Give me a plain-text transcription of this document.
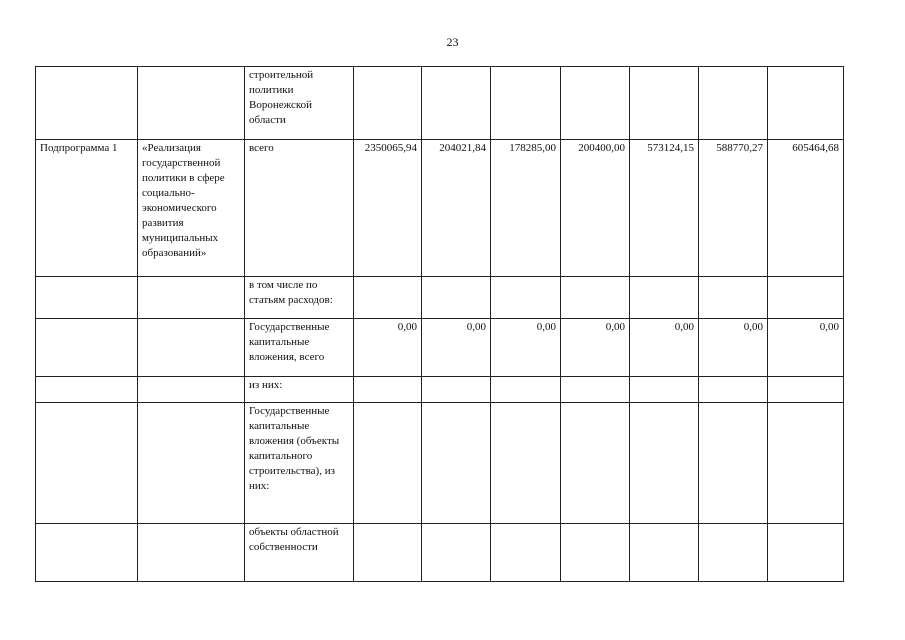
23
		строительной политики Воронежской области							
Подпрограмма 1	«Реализация государственной политики в сфере социально-экономического развития муниципальных образований»	всего	2350065,94	204021,84	178285,00	200400,00	573124,15	588770,27	605464,68
		в том числе по статьям расходов:							
		Государственные капитальные вложения, всего	0,00	0,00	0,00	0,00	0,00	0,00	0,00
		из них:							
		Государственные капитальные вложения (объекты капитального строительства), из них:							
		объекты областной собственности							
